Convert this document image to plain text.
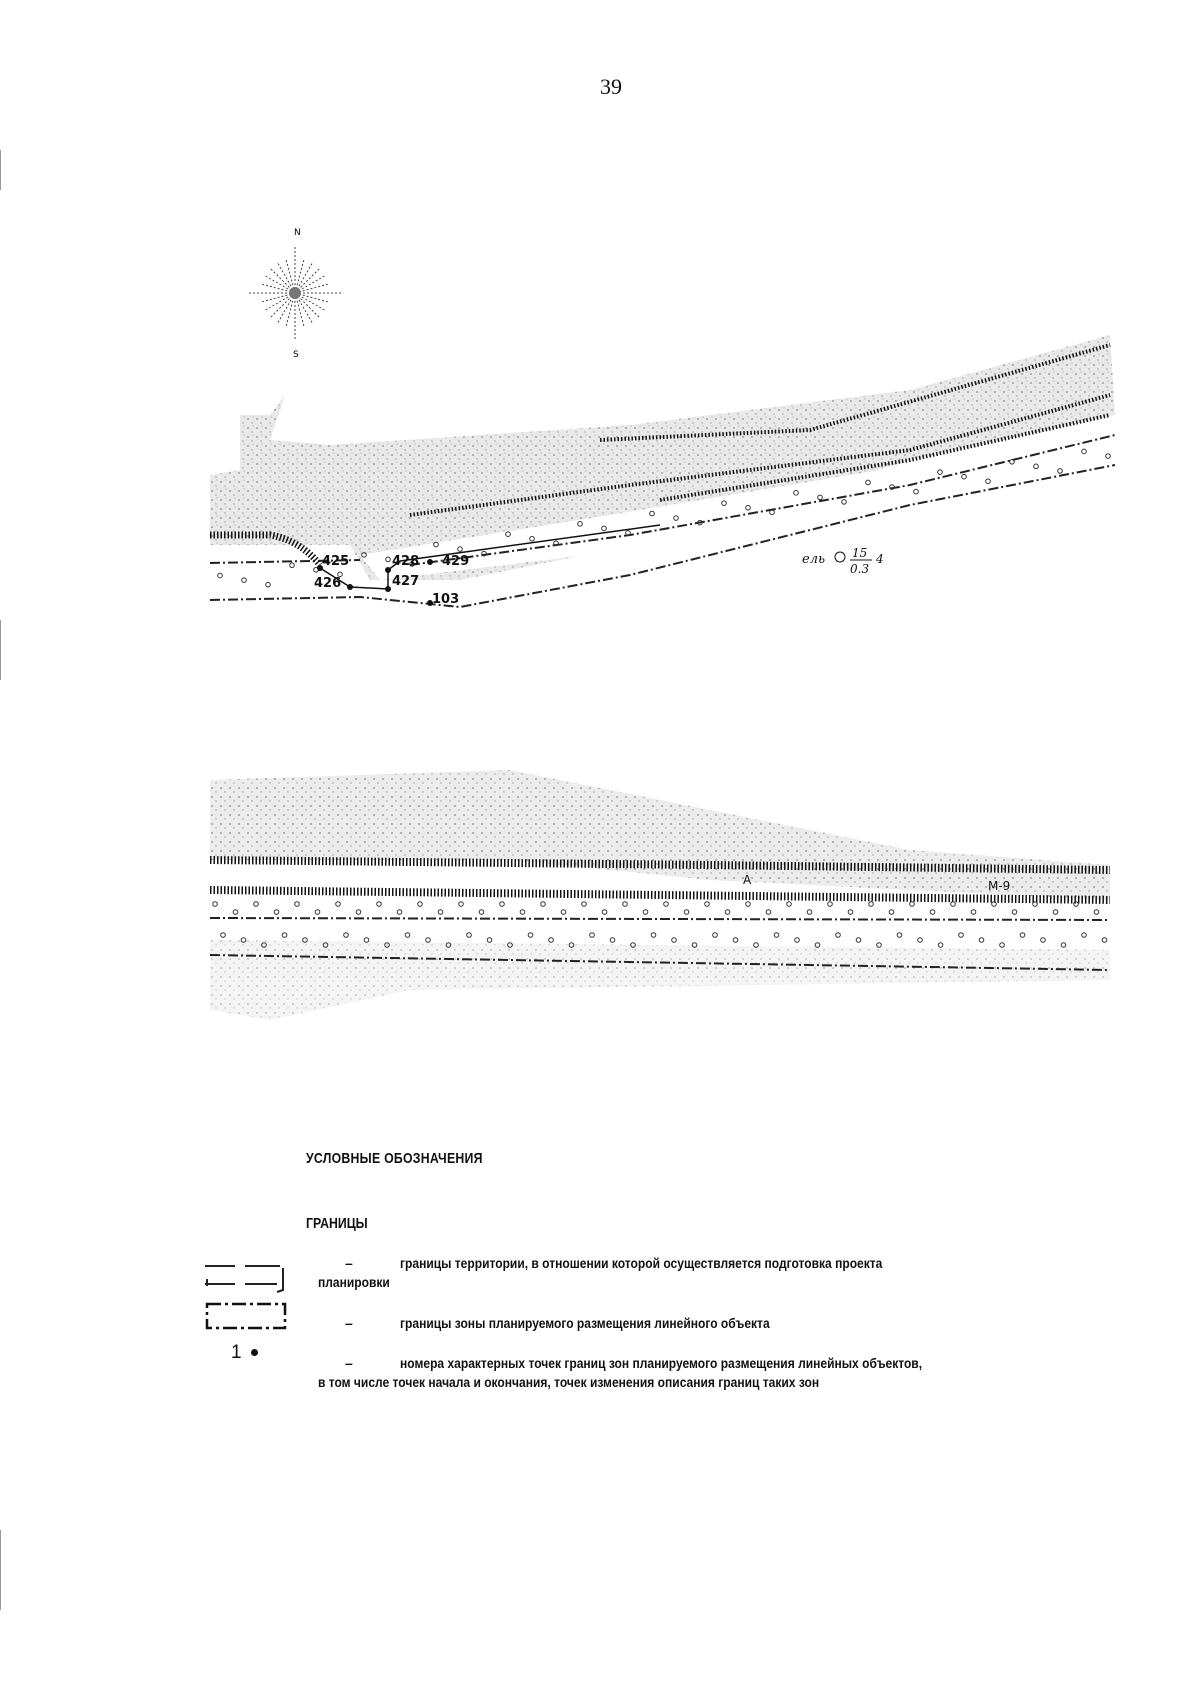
39
N
S
425
426
428
427
429
103
ель 15
0.3
4
А	М-9
УСЛОВНЫЕ ОБОЗНАЧЕНИЯ
ГРАНИЦЫ
–	границы территории, в отношении которой осуществляется подготовка проекта
планировки
–	границы зоны планируемого размещения линейного объекта
1	–	номера характерных точек границ зон планируемого размещения линейных объектов,
в том числе точек начала и окончания, точек изменения описания границ таких зон
